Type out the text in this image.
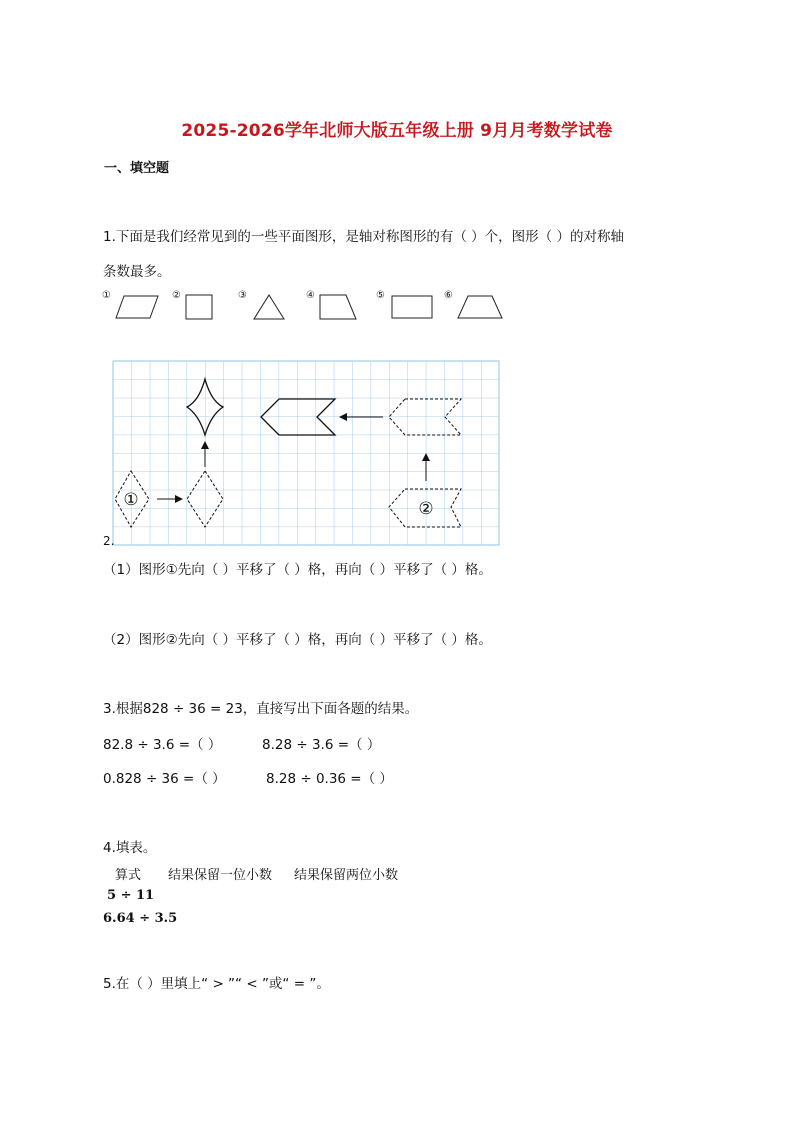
2025-2026学年北师大版五年级上册 9月月考数学试卷
一、填空题
1.下面是我们经常见到的一些平面图形，是轴对称图形的有（ ）个，图形（ ）的对称轴
条数最多。
①	②	③	④	⑤	⑥
①	②
2.
（1）图形①先向（ ）平移了（ ）格，再向（ ）平移了（ ）格。
（2）图形②先向（ ）平移了（ ）格，再向（ ）平移了（ ）格。
3.根据828 ÷ 36 = 23，直接写出下面各题的结果。
82.8 ÷ 3.6 =（ ）	8.28 ÷ 3.6 =（ ）
0.828 ÷ 36 =（ ）	8.28 ÷ 0.36 =（ ）
4.填表。
算式 结果保留一位小数 结果保留两位小数
5 ÷ 11
6.64 ÷ 3.5
5.在（ ）里填上“ > ”“ < ”或“ = ”。
